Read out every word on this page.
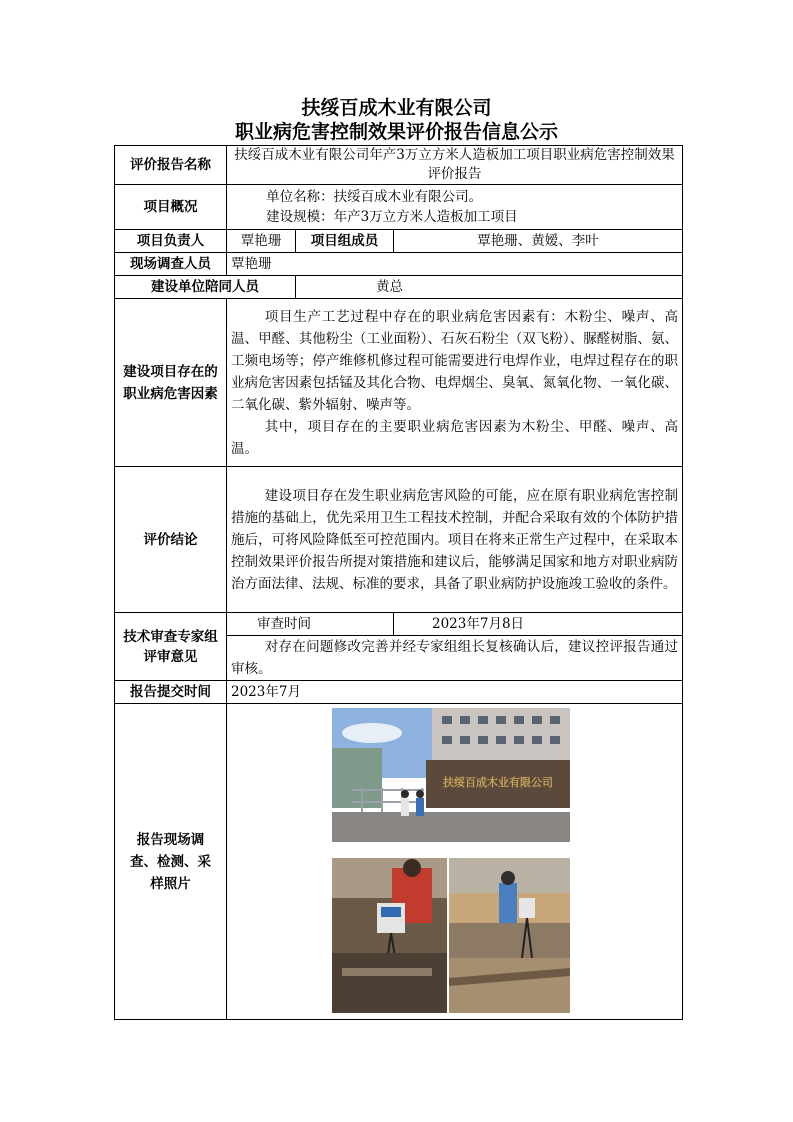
扶绥百成木业有限公司
职业病危害控制效果评价报告信息公示
评价报告名称	扶绥百成木业有限公司年产3万立方米人造板加工项目职业病危害控制效果评价报告		
项目概况	单位名称：扶绥百成木业有限公司。
建设规模：年产3万立方米人造板加工项目		

项目负责人	覃艳珊	项目组成员	覃艳珊、黄嫒、李叶
现场调查人员	覃艳珊		
建设单位陪同人员		黄总	
建设项目存在的职业病危害因素	项目生产工艺过程中存在的职业病危害因素有：木粉尘、噪声、高温、甲醛、其他粉尘（工业面粉）、石灰石粉尘（双飞粉）、脲醛树脂、氨、工频电场等；停产维修机修过程可能需要进行电焊作业，电焊过程存在的职业病危害因素包括锰及其化合物、电焊烟尘、臭氧、氮氧化物、一氧化碳、二氧化碳、紫外辐射、噪声等。
其中，项目存在的主要职业病危害因素为木粉尘、甲醛、噪声、高温。		

评价结论	建设项目存在发生职业病危害风险的可能，应在原有职业病危害控制措施的基础上，优先采用卫生工程技术控制，并配合采取有效的个体防护措施后，可将风险降低至可控范围内。项目在将来正常生产过程中，在采取本控制效果评价报告所提对策措施和建议后，能够满足国家和地方对职业病防治方面法律、法规、标准的要求，具备了职业病防护设施竣工验收的条件。		

技术审查专家组
评审意见	审查时间		2023年7月8日
	对存在问题修改完善并经专家组组长复核确认后，建议控评报告通过审核。		
报告提交时间	2023年7月		
报告现场调查、检测、采样照片	扶绥百成木业有限公司		
